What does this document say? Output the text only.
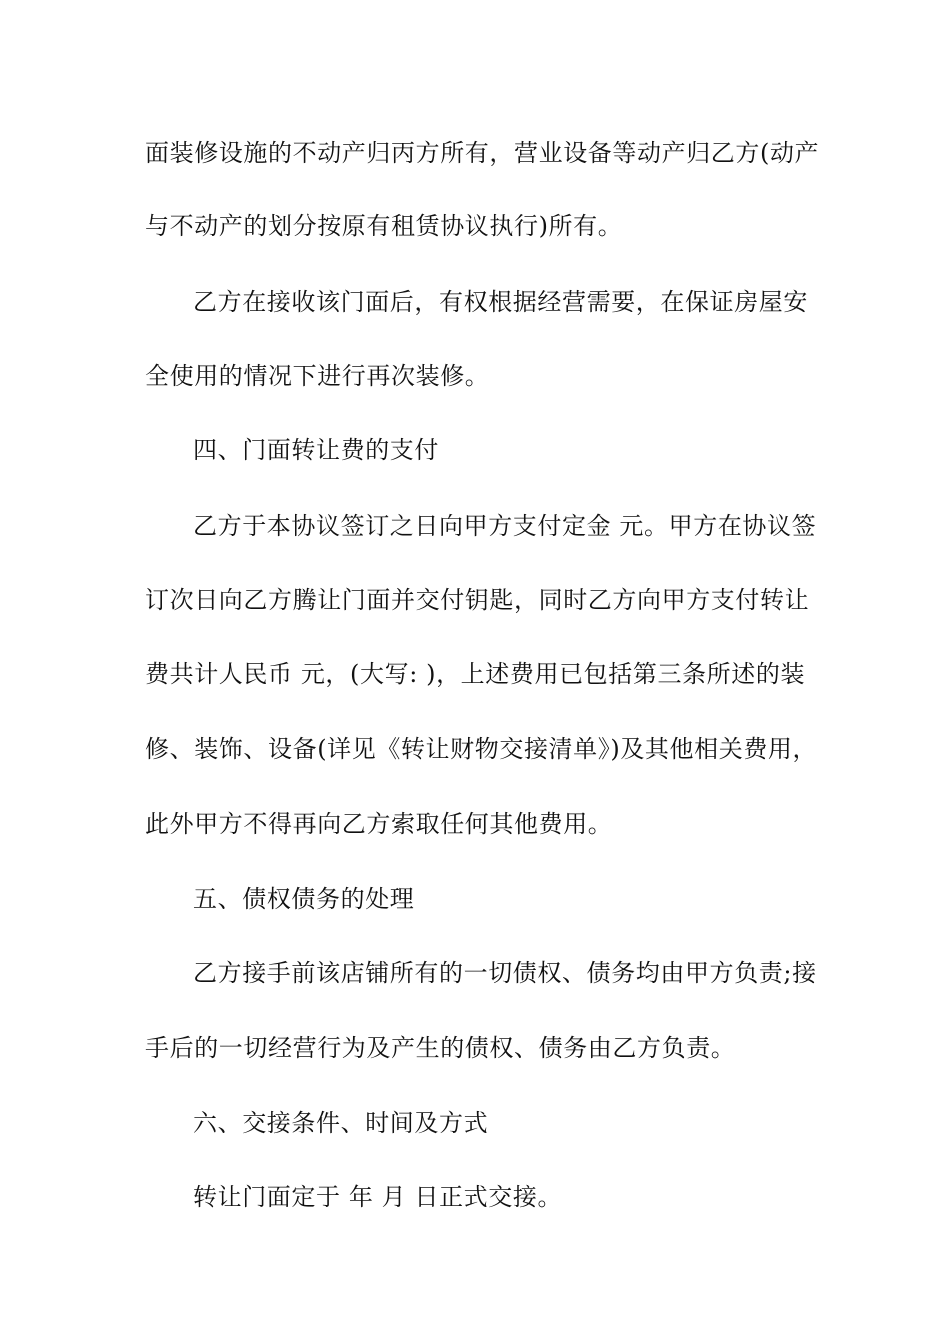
面装修设施的不动产归丙方所有，营业设备等动产归乙方(动产
与不动产的划分按原有租赁协议执行)所有。
乙方在接收该门面后，有权根据经营需要，在保证房屋安
全使用的情况下进行再次装修。
四、门面转让费的支付
乙方于本协议签订之日向甲方支付定金 元。甲方在协议签
订次日向乙方腾让门面并交付钥匙，同时乙方向甲方支付转让
费共计人民币 元，(大写: )，上述费用已包括第三条所述的装
修、装饰、设备(详见《转让财物交接清单》)及其他相关费用，
此外甲方不得再向乙方索取任何其他费用。
五、债权债务的处理
乙方接手前该店铺所有的一切债权、债务均由甲方负责;接
手后的一切经营行为及产生的债权、债务由乙方负责。
六、交接条件、时间及方式
转让门面定于 年 月 日正式交接。
